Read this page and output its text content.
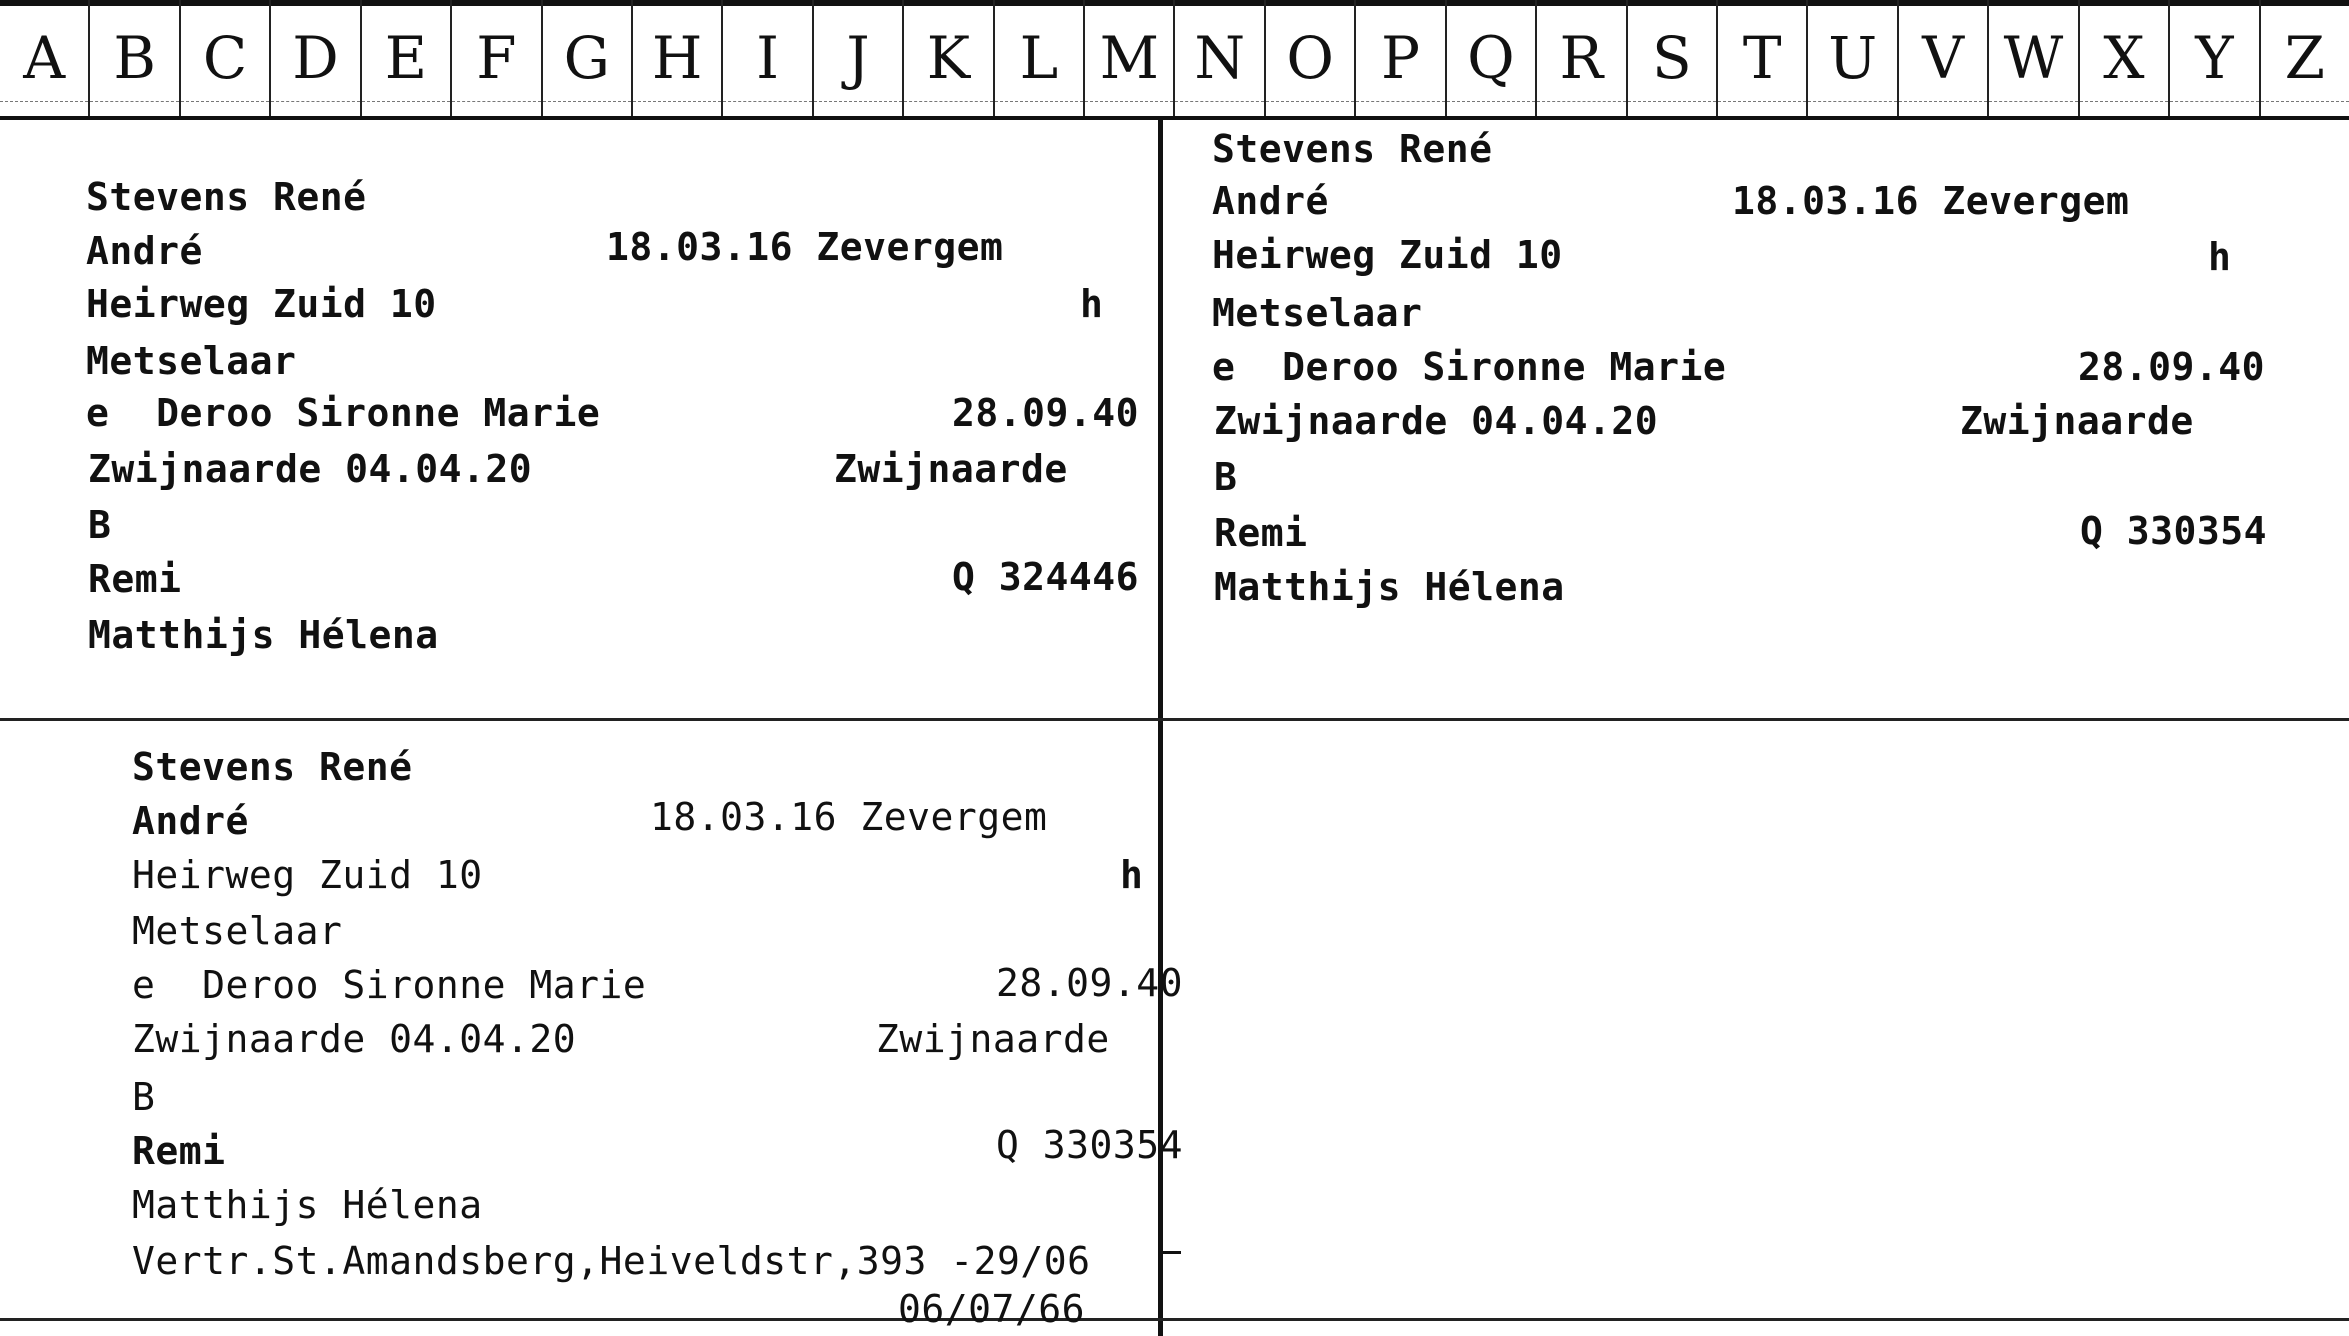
A B C D E F G H I	J K L M N O P Q R S T U V W X Y Z
Stevens René
André	18.03.16 Zevergem
Heirweg Zuid 10	h
Metselaar
e  Deroo Sironne Marie	28.09.40
Zwijnaarde 04.04.20	Zwijnaarde
B
Remi	Q 324446
Matthijs Hélena
Stevens René
André	18.03.16 Zevergem
Heirweg Zuid 10	h
Metselaar
e  Deroo Sironne Marie	28.09.40
Zwijnaarde 04.04.20	Zwijnaarde
B
Remi	Q 330354
Matthijs Hélena
Stevens René
André	18.03.16 Zevergem
Heirweg Zuid 10	h
Metselaar
e  Deroo Sironne Marie	28.09.40
Zwijnaarde 04.04.20	Zwijnaarde
B
Remi	Q 330354
Matthijs Hélena
Vertr.St.Amandsberg,Heiveldstr,393 -29/06
06/07/66
